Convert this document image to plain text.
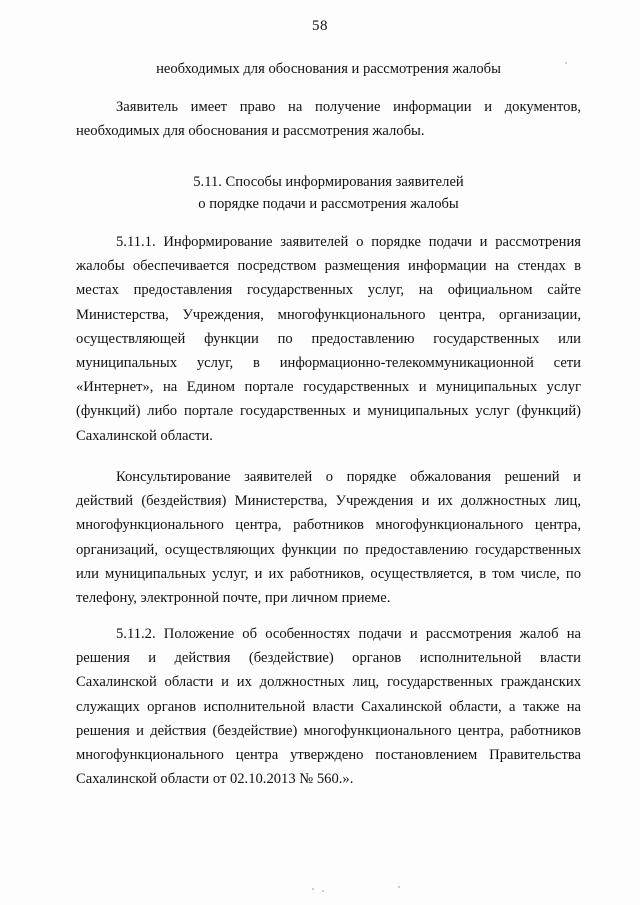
58
необходимых для обоснования и рассмотрения жалобы
Заявитель имеет право на получение информации и документов,
необходимых для обоснования и рассмотрения жалобы.
5.11. Способы информирования заявителей
о порядке подачи и рассмотрения жалобы
5.11.1. Информирование заявителей о порядке подачи и рассмотрения
жалобы обеспечивается посредством размещения информации на стендах в
местах предоставления государственных услуг, на официальном сайте
Министерства, Учреждения, многофункционального центра, организации,
осуществляющей функции по предоставлению государственных или
муниципальных услуг, в информационно-телекоммуникационной сети
«Интернет», на Едином портале государственных и муниципальных услуг
(функций) либо портале государственных и муниципальных услуг (функций)
Сахалинской области.
Консультирование заявителей о порядке обжалования решений и
действий (бездействия) Министерства, Учреждения и их должностных лиц,
многофункционального центра, работников многофункционального центра,
организаций, осуществляющих функции по предоставлению государственных
или муниципальных услуг, и их работников, осуществляется, в том числе, по
телефону, электронной почте, при личном приеме.
5.11.2. Положение об особенностях подачи и рассмотрения жалоб на
решения и действия (бездействие) органов исполнительной власти
Сахалинской области и их должностных лиц, государственных гражданских
служащих органов исполнительной власти Сахалинской области, а также на
решения и действия (бездействие) многофункционального центра, работников
многофункционального центра утверждено постановлением Правительства
Сахалинской области от 02.10.2013 № 560.».
